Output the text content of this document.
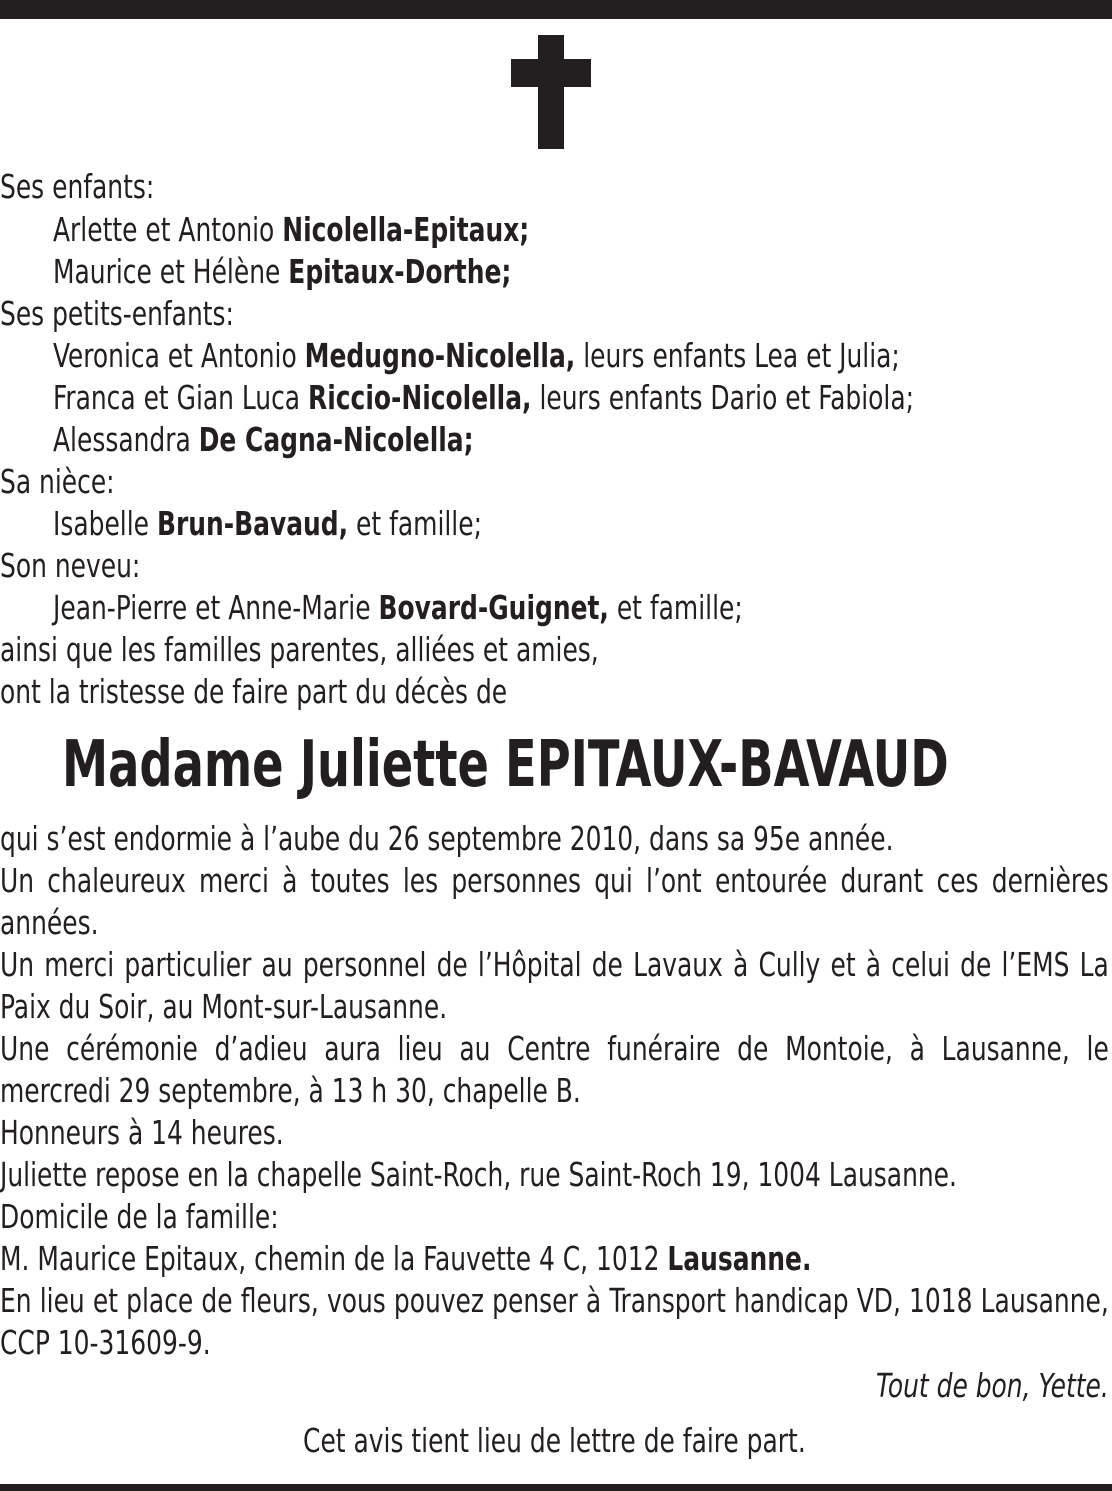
Ses enfants:
Arlette et Antonio Nicolella-Epitaux;
Maurice et Hélène Epitaux-Dorthe;
Ses petits-enfants:
Veronica et Antonio Medugno-Nicolella, leurs enfants Lea et Julia;
Franca et Gian Luca Riccio-Nicolella, leurs enfants Dario et Fabiola;
Alessandra De Cagna-Nicolella;
Sa nièce:
Isabelle Brun-Bavaud, et famille;
Son neveu:
Jean-Pierre et Anne-Marie Bovard-Guignet, et famille;
ainsi que les familles parentes, alliées et amies,
ont la tristesse de faire part du décès de
Madame Juliette EPITAUX-BAVAUD
qui s’est endormie à l’aube du 26 septembre 2010, dans sa 95e année.
Un chaleureux merci à toutes les personnes qui l’ont entourée durant ces dernières années.
Un merci particulier au personnel de l’Hôpital de Lavaux à Cully et à celui de l’EMS La Paix du Soir, au Mont-sur-Lausanne.
Une cérémonie d’adieu aura lieu au Centre funéraire de Montoie, à Lausanne, le mercredi 29 septembre, à 13 h 30, chapelle B.
Honneurs à 14 heures.
Juliette repose en la chapelle Saint-Roch, rue Saint-Roch 19, 1004 Lausanne.
Domicile de la famille:
M. Maurice Epitaux, chemin de la Fauvette 4 C, 1012 Lausanne.
En lieu et place de fleurs, vous pouvez penser à Transport handicap VD, 1018 Lausanne, CCP 10-31609-9.
Tout de bon, Yette.
Cet avis tient lieu de lettre de faire part.
